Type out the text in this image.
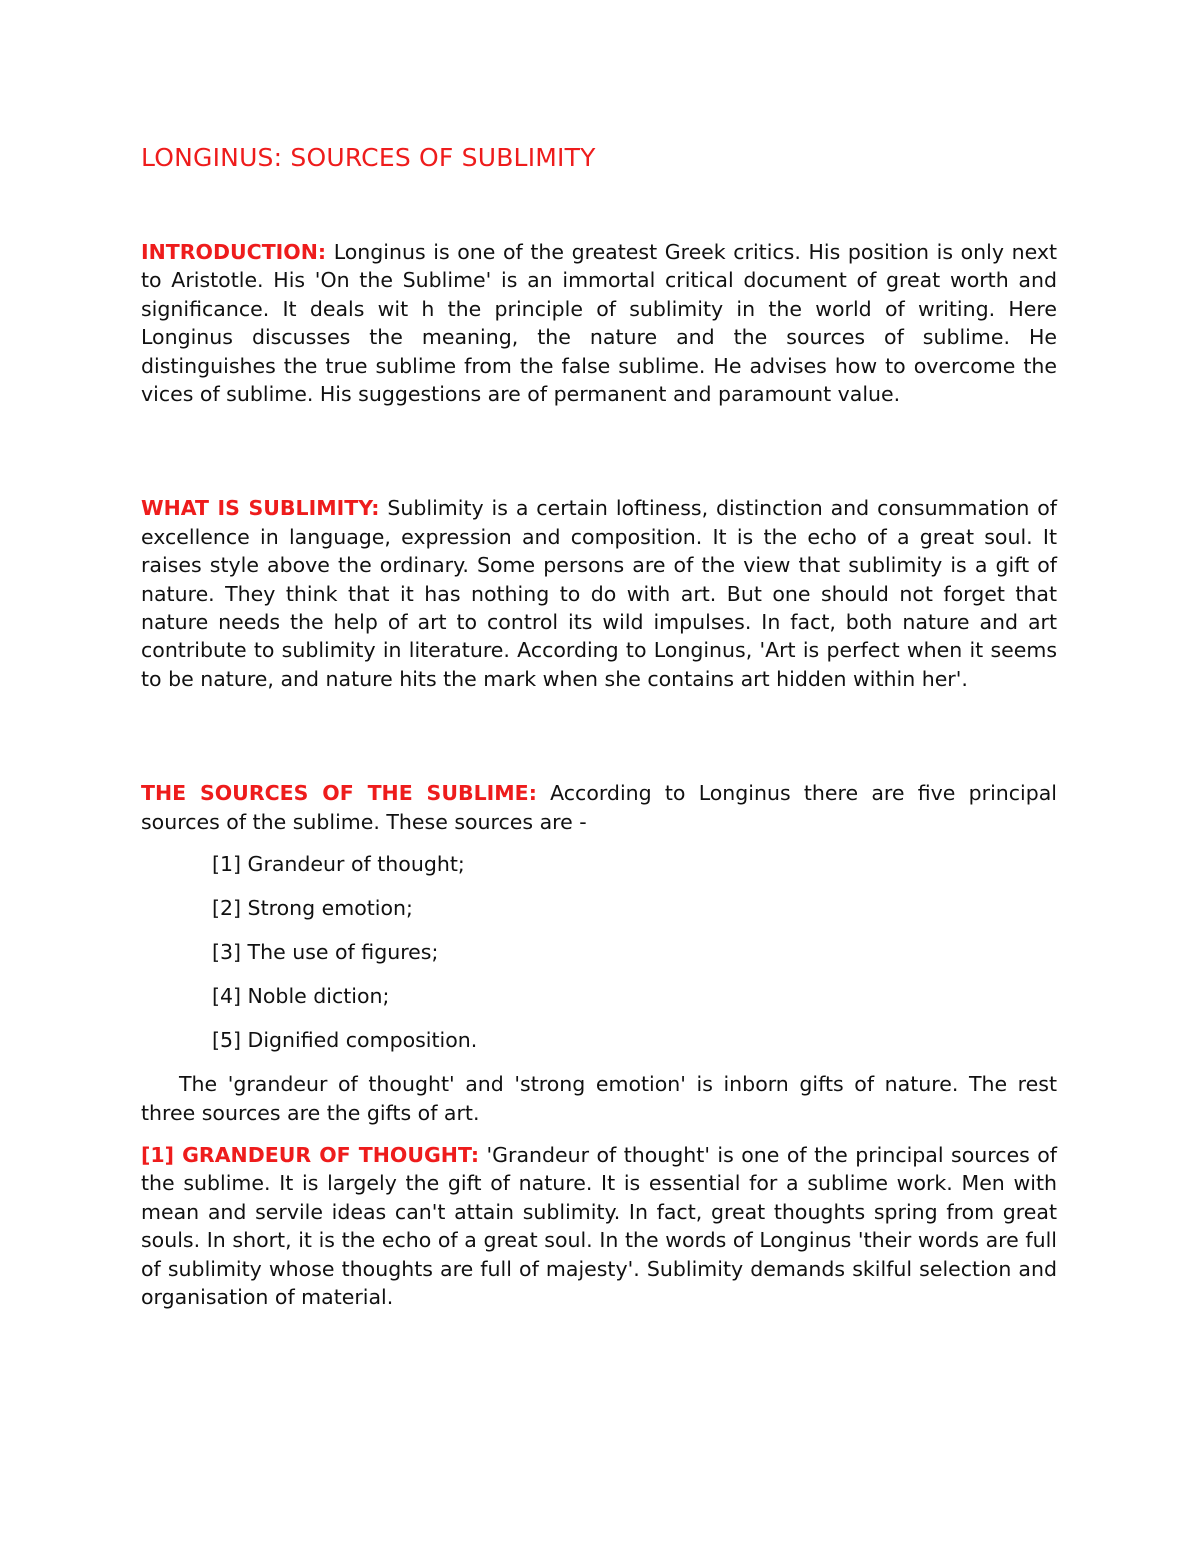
LONGINUS: SOURCES OF SUBLIMITY

INTRODUCTION: Longinus is one of the greatest Greek critics. His position is only next to Aristotle. His 'On the Sublime' is an immortal critical document of great worth and significance. It deals wit h the principle of sublimity in the world of writing. Here Longinus discusses the meaning, the nature and the sources of sublime. He distinguishes the true sublime from the false sublime. He advises how to overcome the vices of sublime. His suggestions are of permanent and paramount value.

WHAT IS SUBLIMITY: Sublimity is a certain loftiness, distinction and consummation of excellence in language, expression and composition. It is the echo of a great soul. It raises style above the ordinary. Some persons are of the view that sublimity is a gift of nature. They think that it has nothing to do with art. But one should not forget that nature needs the help of art to control its wild impulses. In fact, both nature and art contribute to sublimity in literature. According to Longinus, 'Art is perfect when it seems to be nature, and nature hits the mark when she contains art hidden within her'.

THE SOURCES OF THE SUBLIME: According to Longinus there are five principal sources of the sublime. These sources are -

[1] Grandeur of thought;
[2] Strong emotion;
[3] The use of figures;
[4] Noble diction;
[5] Dignified composition.

The 'grandeur of thought' and 'strong emotion' is inborn gifts of nature. The rest three sources are the gifts of art.

[1] GRANDEUR OF THOUGHT: 'Grandeur of thought' is one of the principal sources of the sublime. It is largely the gift of nature. It is essential for a sublime work. Men with mean and servile ideas can't attain sublimity. In fact, great thoughts spring from great souls. In short, it is the echo of a great soul. In the words of Longinus 'their words are full of sublimity whose thoughts are full of majesty'. Sublimity demands skilful selection and organisation of material.
